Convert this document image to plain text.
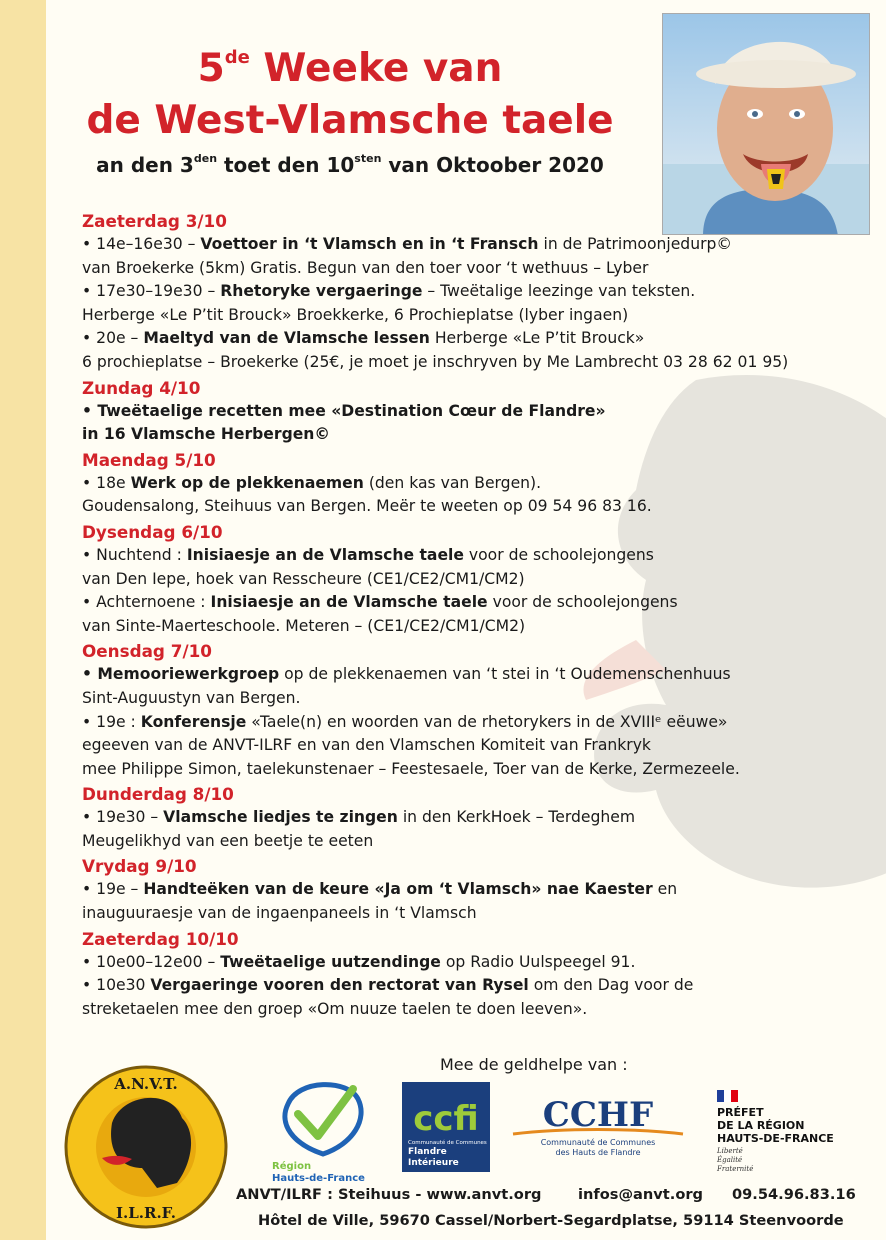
5de Weeke van
de West-Vlamsche taele
an den $3^{den}$ toet den $10^{sten}$ van Oktoober 2020
Zaeterdag 3/10
• 14e–16e30 – Voettoer in ‘t Vlamsch en in ‘t Fransch in de Patrimoonjedurp©
van Broekerke (5km) Gratis. Begun van den toer voor ‘t wethuus – Lyber
• 17e30–19e30 – Rhetoryke vergaeringe – Tweëtalige leezinge van teksten.
Herberge «Le P’tit Brouck» Broekkerke, 6 Prochieplatse (lyber ingaen)
• 20e – Maeltyd van de Vlamsche lessen Herberge «Le P’tit Brouck»
6 prochieplatse – Broekerke (25€, je moet je inschryven by Me Lambrecht 03 28 62 01 95)
Zundag 4/10
• Tweëtaelige recetten mee «Destination Cœur de Flandre»
in 16 Vlamsche Herbergen©
Maendag 5/10
• 18e Werk op de plekkenaemen (den kas van Bergen).
Goudensalong, Steihuus van Bergen. Meër te weeten op 09 54 96 83 16.
Dysendag 6/10
• Nuchtend : Inisiaesje an de Vlamsche taele voor de schoolejongens
van Den Iepe, hoek van Resscheure (CE1/CE2/CM1/CM2)
• Achternoene : Inisiaesje an de Vlamsche taele voor de schoolejongens
van Sinte-Maerteschoole. Meteren – (CE1/CE2/CM1/CM2)
Oensdag 7/10
• Memooriewerkgroep op de plekkenaemen van ‘t stei in ‘t Oudemenschenhuus
Sint-Auguustyn van Bergen.
• 19e : Konferensje «Taele(n) en woorden van de rhetorykers in de XVIIIᵉ eëuwe»
egeeven van de ANVT-ILRF en van den Vlamschen Komiteit van Frankryk
mee Philippe Simon, taelekunstenaer – Feestesaele, Toer van de Kerke, Zermezeele.
Dunderdag 8/10
• 19e30 – Vlamsche liedjes te zingen in den KerkHoek – Terdeghem
Meugelikhyd van een beetje te eeten
Vrydag 9/10
• 19e – Handteëken van de keure «Ja om ‘t Vlamsch» nae Kaester en
inauguuraesje van de ingaenpaneels in ‘t Vlamsch
Zaeterdag 10/10
• 10e00–12e00 – Tweëtaelige uutzendinge op Radio Uulspeegel 91.
• 10e30 Vergaeringe vooren den rectorat van Rysel om den Dag voor de
streketaelen mee den groep «Om nuuze taelen te doen leeven».
Mee de geldhelpe van :
A.N.V.T.
I.L.R.F.
Région
Hauts-de-France
ccfi
Communauté de Communes
Flandre
Intérieure
CCHF
Communauté de Communes
des Hauts de Flandre
PRÉFET
DE LA RÉGION
HAUTS-DE-FRANCE
Liberté
Égalité
Fraternité
ANVT/ILRF : Steihuus - www.anvt.org	infos@anvt.org 09.54.96.83.16
Hôtel de Ville, 59670 Cassel/Norbert-Segardplatse, 59114 Steenvoorde
